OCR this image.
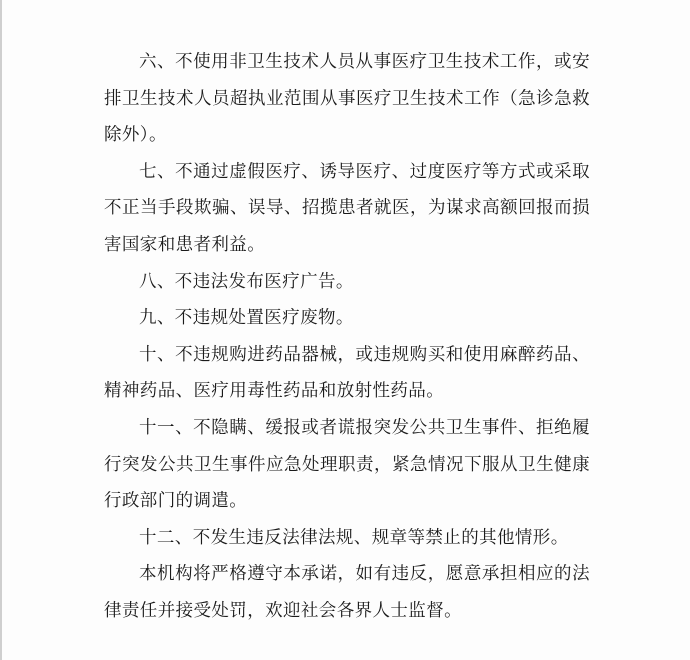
六、不使用非卫生技术人员从事医疗卫生技术工作，或安排卫生技术人员超执业范围从事医疗卫生技术工作（急诊急救除外）。

七、不通过虚假医疗、诱导医疗、过度医疗等方式或采取不正当手段欺骗、误导、招揽患者就医，为谋求高额回报而损害国家和患者利益。

八、不违法发布医疗广告。

九、不违规处置医疗废物。

十、不违规购进药品器械，或违规购买和使用麻醉药品、精神药品、医疗用毒性药品和放射性药品。

十一、不隐瞒、缓报或者谎报突发公共卫生事件、拒绝履行突发公共卫生事件应急处理职责，紧急情况下服从卫生健康行政部门的调遣。

十二、不发生违反法律法规、规章等禁止的其他情形。

本机构将严格遵守本承诺，如有违反，愿意承担相应的法律责任并接受处罚，欢迎社会各界人士监督。
